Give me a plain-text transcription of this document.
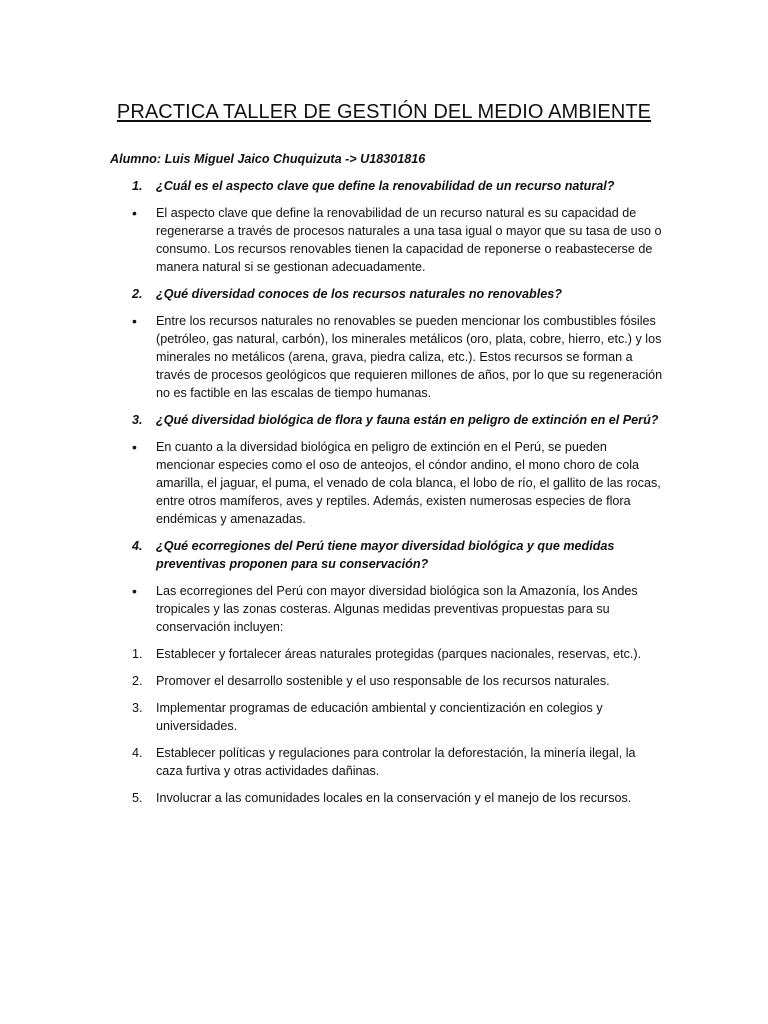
PRACTICA TALLER DE GESTIÓN DEL MEDIO AMBIENTE

Alumno: Luis Miguel Jaico Chuquizuta -> U18301816

1.	¿Cuál es el aspecto clave que define la renovabilidad de un recurso natural?
•	El aspecto clave que define la renovabilidad de un recurso natural es su capacidad de regenerarse a través de procesos naturales a una tasa igual o mayor que su tasa de uso o consumo. Los recursos renovables tienen la capacidad de reponerse o reabastecerse de manera natural si se gestionan adecuadamente.
2.	¿Qué diversidad conoces de los recursos naturales no renovables?
•	Entre los recursos naturales no renovables se pueden mencionar los combustibles fósiles (petróleo, gas natural, carbón), los minerales metálicos (oro, plata, cobre, hierro, etc.) y los minerales no metálicos (arena, grava, piedra caliza, etc.). Estos recursos se forman a través de procesos geológicos que requieren millones de años, por lo que su regeneración no es factible en las escalas de tiempo humanas.
3.	¿Qué diversidad biológica de flora y fauna están en peligro de extinción en el Perú?
•	En cuanto a la diversidad biológica en peligro de extinción en el Perú, se pueden mencionar especies como el oso de anteojos, el cóndor andino, el mono choro de cola amarilla, el jaguar, el puma, el venado de cola blanca, el lobo de río, el gallito de las rocas, entre otros mamíferos, aves y reptiles. Además, existen numerosas especies de flora endémicas y amenazadas.
4.	¿Qué ecorregiones del Perú tiene mayor diversidad biológica y que medidas preventivas proponen para su conservación?
•	Las ecorregiones del Perú con mayor diversidad biológica son la Amazonía, los Andes tropicales y las zonas costeras. Algunas medidas preventivas propuestas para su conservación incluyen:
1.	Establecer y fortalecer áreas naturales protegidas (parques nacionales, reservas, etc.).
2.	Promover el desarrollo sostenible y el uso responsable de los recursos naturales.
3.	Implementar programas de educación ambiental y concientización en colegios y universidades.
4.	Establecer políticas y regulaciones para controlar la deforestación, la minería ilegal, la caza furtiva y otras actividades dañinas.
5.	Involucrar a las comunidades locales en la conservación y el manejo de los recursos.
